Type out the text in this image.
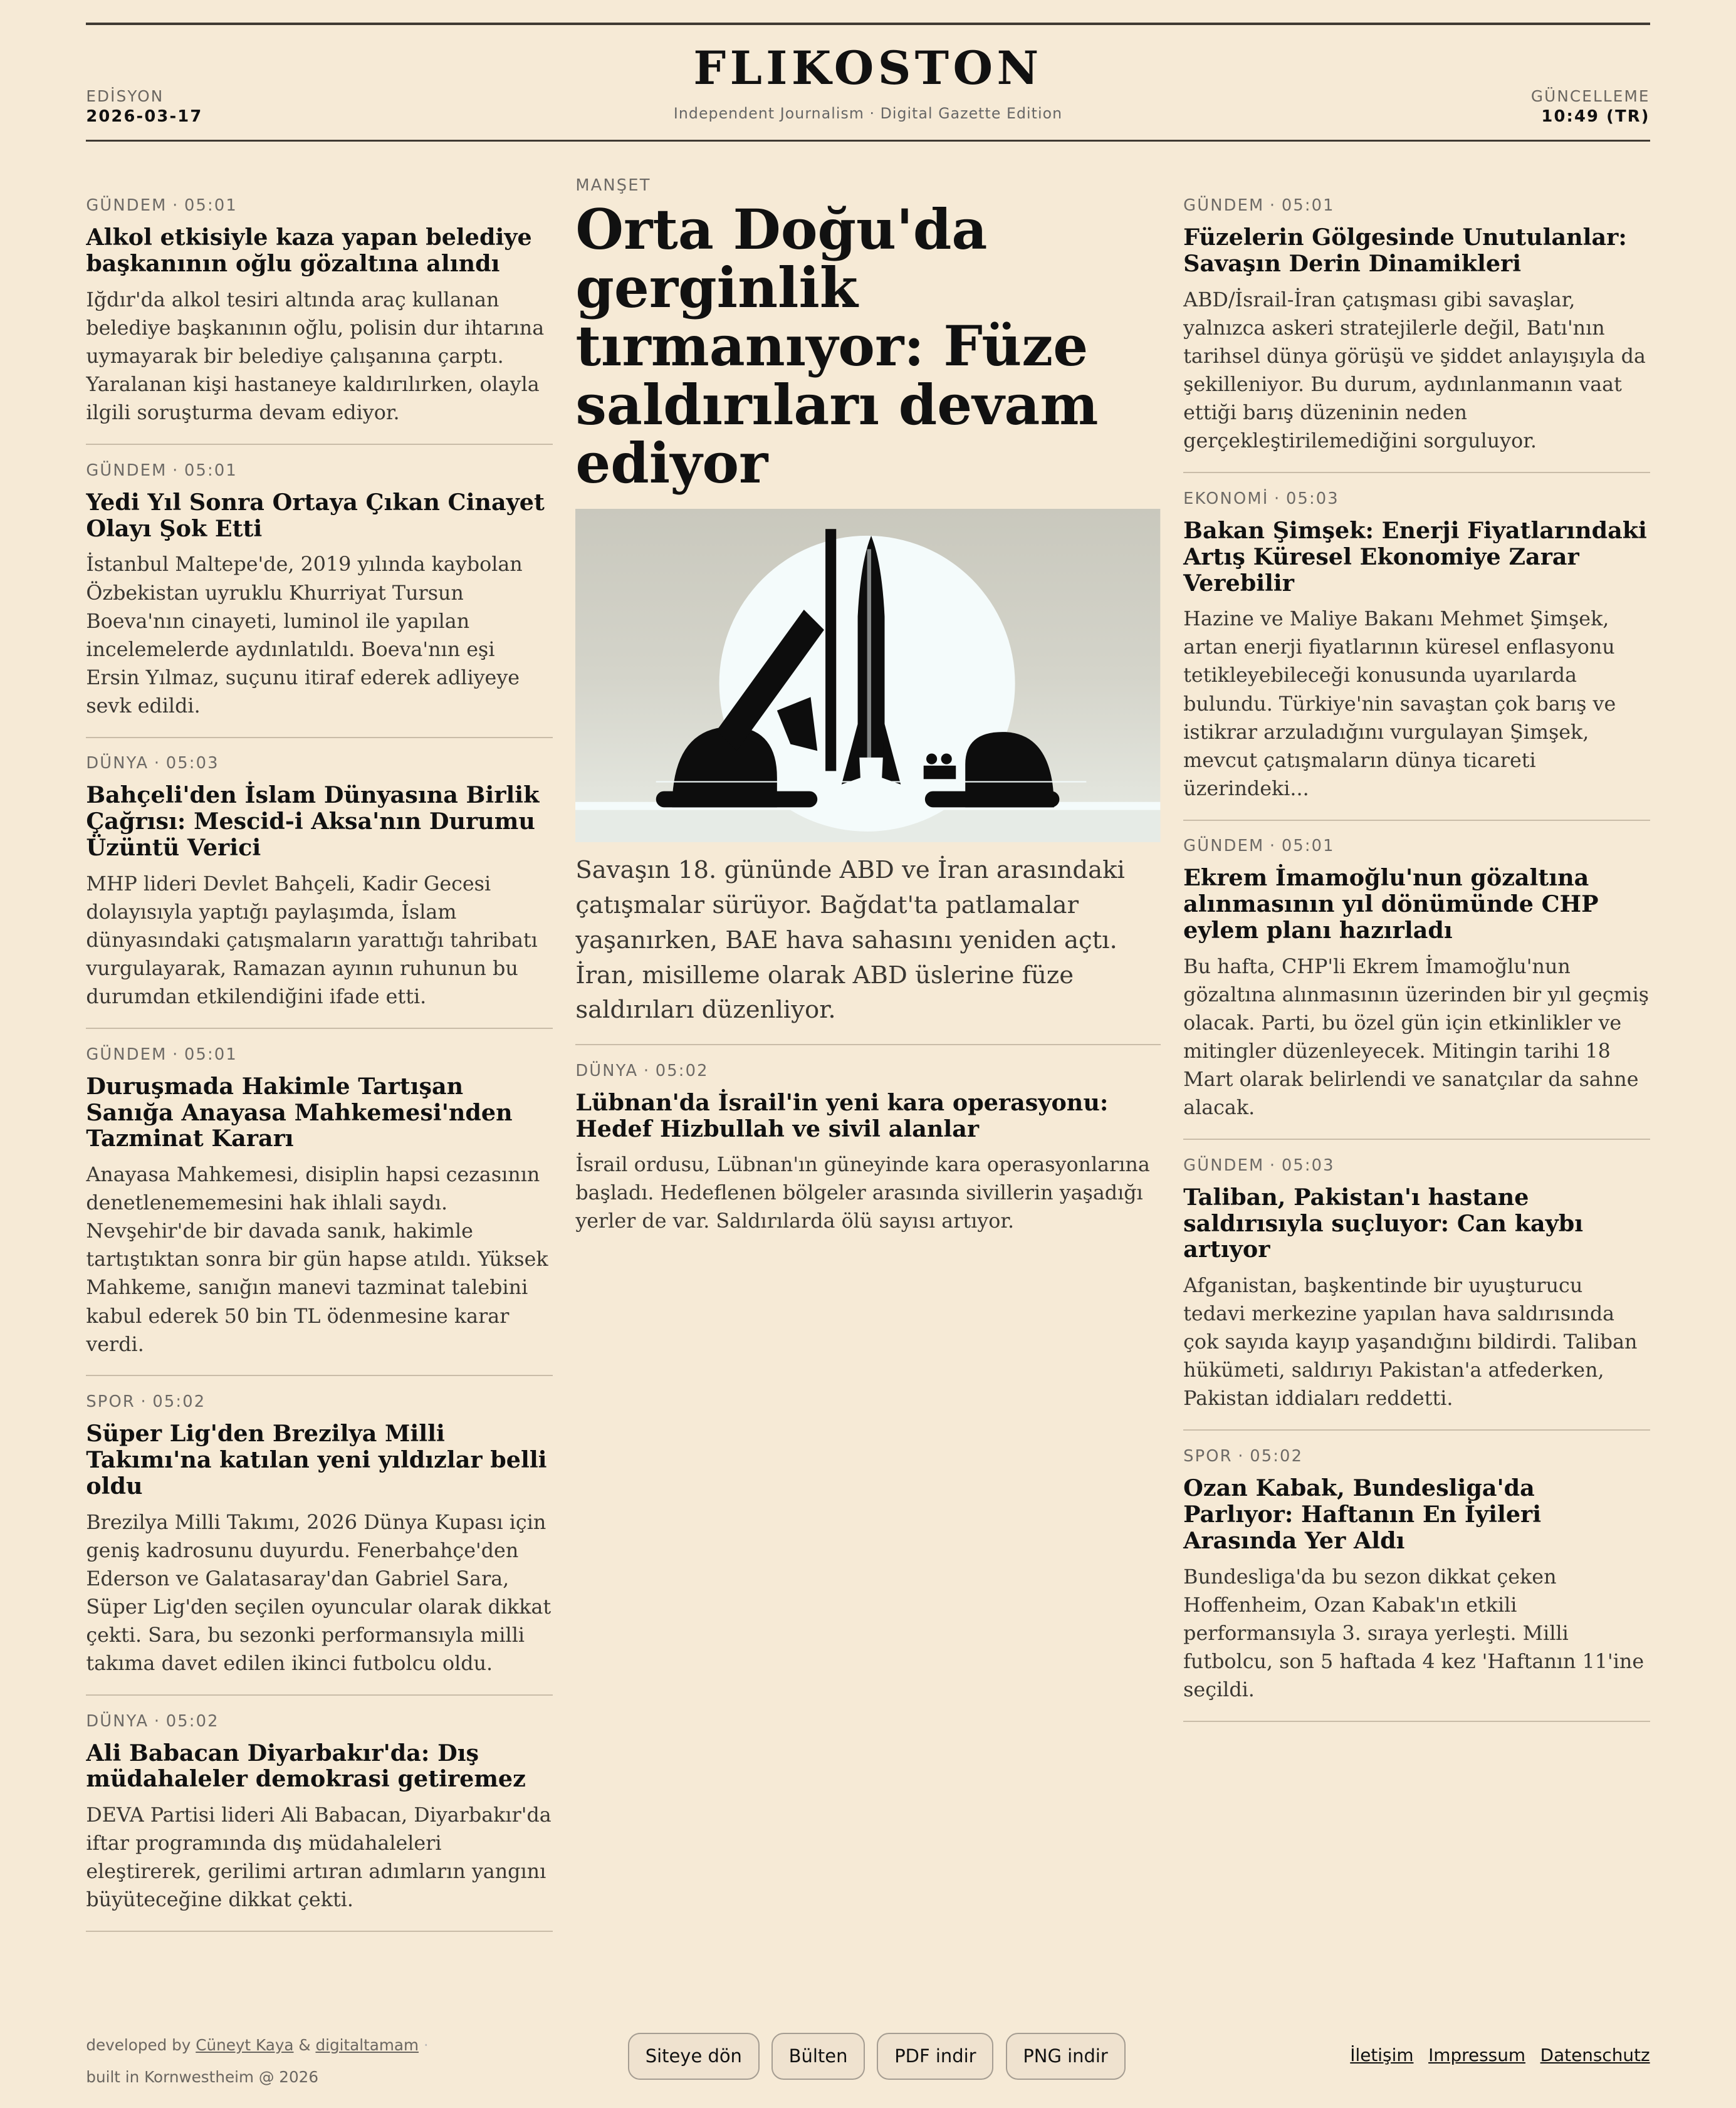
FLIKOSTON
Independent Journalism · Digital Gazette Edition
EDİSYON
2026-03-17
GÜNCELLEME
10:49 (TR)
GÜNDEM · 05:01
Alkol etkisiyle kaza yapan belediye başkanının oğlu gözaltına alındı
Iğdır'da alkol tesiri altında araç kullanan belediye başkanının oğlu, polisin dur ihtarına uymayarak bir belediye çalışanına çarptı. Yaralanan kişi hastaneye kaldırılırken, olayla ilgili soruşturma devam ediyor.
GÜNDEM · 05:01
Yedi Yıl Sonra Ortaya Çıkan Cinayet Olayı Şok Etti
İstanbul Maltepe'de, 2019 yılında kaybolan Özbekistan uyruklu Khurriyat Tursun Boeva'nın cinayeti, luminol ile yapılan incelemelerde aydınlatıldı. Boeva'nın eşi Ersin Yılmaz, suçunu itiraf ederek adliyeye sevk edildi.
DÜNYA · 05:03
Bahçeli'den İslam Dünyasına Birlik Çağrısı: Mescid-i Aksa'nın Durumu Üzüntü Verici
MHP lideri Devlet Bahçeli, Kadir Gecesi dolayısıyla yaptığı paylaşımda, İslam dünyasındaki çatışmaların yarattığı tahribatı vurgulayarak, Ramazan ayının ruhunun bu durumdan etkilendiğini ifade etti.
GÜNDEM · 05:01
Duruşmada Hakimle Tartışan Sanığa Anayasa Mahkemesi'nden Tazminat Kararı
Anayasa Mahkemesi, disiplin hapsi cezasının denetlenememesini hak ihlali saydı. Nevşehir'de bir davada sanık, hakimle tartıştıktan sonra bir gün hapse atıldı. Yüksek Mahkeme, sanığın manevi tazminat talebini kabul ederek 50 bin TL ödenmesine karar verdi.
SPOR · 05:02
Süper Lig'den Brezilya Milli Takımı'na katılan yeni yıldızlar belli oldu
Brezilya Milli Takımı, 2026 Dünya Kupası için geniş kadrosunu duyurdu. Fenerbahçe'den Ederson ve Galatasaray'dan Gabriel Sara, Süper Lig'den seçilen oyuncular olarak dikkat çekti. Sara, bu sezonki performansıyla milli takıma davet edilen ikinci futbolcu oldu.
DÜNYA · 05:02
Ali Babacan Diyarbakır'da: Dış müdahaleler demokrasi getiremez
DEVA Partisi lideri Ali Babacan, Diyarbakır'da iftar programında dış müdahaleleri eleştirerek, gerilimi artıran adımların yangını büyüteceğine dikkat çekti.
MANŞET
Orta Doğu'da gerginlik tırmanıyor: Füze saldırıları devam ediyor
Savaşın 18. gününde ABD ve İran arasındaki çatışmalar sürüyor. Bağdat'ta patlamalar yaşanırken, BAE hava sahasını yeniden açtı. İran, misilleme olarak ABD üslerine füze saldırıları düzenliyor.
DÜNYA · 05:02
Lübnan'da İsrail'in yeni kara operasyonu: Hedef Hizbullah ve sivil alanlar
İsrail ordusu, Lübnan'ın güneyinde kara operasyonlarına başladı. Hedeflenen bölgeler arasında sivillerin yaşadığı yerler de var. Saldırılarda ölü sayısı artıyor.
GÜNDEM · 05:01
Füzelerin Gölgesinde Unutulanlar: Savaşın Derin Dinamikleri
ABD/İsrail-İran çatışması gibi savaşlar, yalnızca askeri stratejilerle değil, Batı'nın tarihsel dünya görüşü ve şiddet anlayışıyla da şekilleniyor. Bu durum, aydınlanmanın vaat ettiği barış düzeninin neden gerçekleştirilemediğini sorguluyor.
EKONOMİ · 05:03
Bakan Şimşek: Enerji Fiyatlarındaki Artış Küresel Ekonomiye Zarar Verebilir
Hazine ve Maliye Bakanı Mehmet Şimşek, artan enerji fiyatlarının küresel enflasyonu tetikleyebileceği konusunda uyarılarda bulundu. Türkiye'nin savaştan çok barış ve istikrar arzuladığını vurgulayan Şimşek, mevcut çatışmaların dünya ticareti üzerindeki...
GÜNDEM · 05:01
Ekrem İmamoğlu'nun gözaltına alınmasının yıl dönümünde CHP eylem planı hazırladı
Bu hafta, CHP'li Ekrem İmamoğlu'nun gözaltına alınmasının üzerinden bir yıl geçmiş olacak. Parti, bu özel gün için etkinlikler ve mitingler düzenleyecek. Mitingin tarihi 18 Mart olarak belirlendi ve sanatçılar da sahne alacak.
GÜNDEM · 05:03
Taliban, Pakistan'ı hastane saldırısıyla suçluyor: Can kaybı artıyor
Afganistan, başkentinde bir uyuşturucu tedavi merkezine yapılan hava saldırısında çok sayıda kayıp yaşandığını bildirdi. Taliban hükümeti, saldırıyı Pakistan'a atfederken, Pakistan iddiaları reddetti.
SPOR · 05:02
Ozan Kabak, Bundesliga'da Parlıyor: Haftanın En İyileri Arasında Yer Aldı
Bundesliga'da bu sezon dikkat çeken Hoffenheim, Ozan Kabak'ın etkili performansıyla 3. sıraya yerleşti. Milli futbolcu, son 5 haftada 4 kez 'Haftanın 11'ine seçildi.
developed by Cüneyt Kaya & digitaltamam ·
built in Kornwestheim @ 2026
Siteye dön	Bülten	PDF indir	PNG indir	İletişim Impressum Datenschutz
